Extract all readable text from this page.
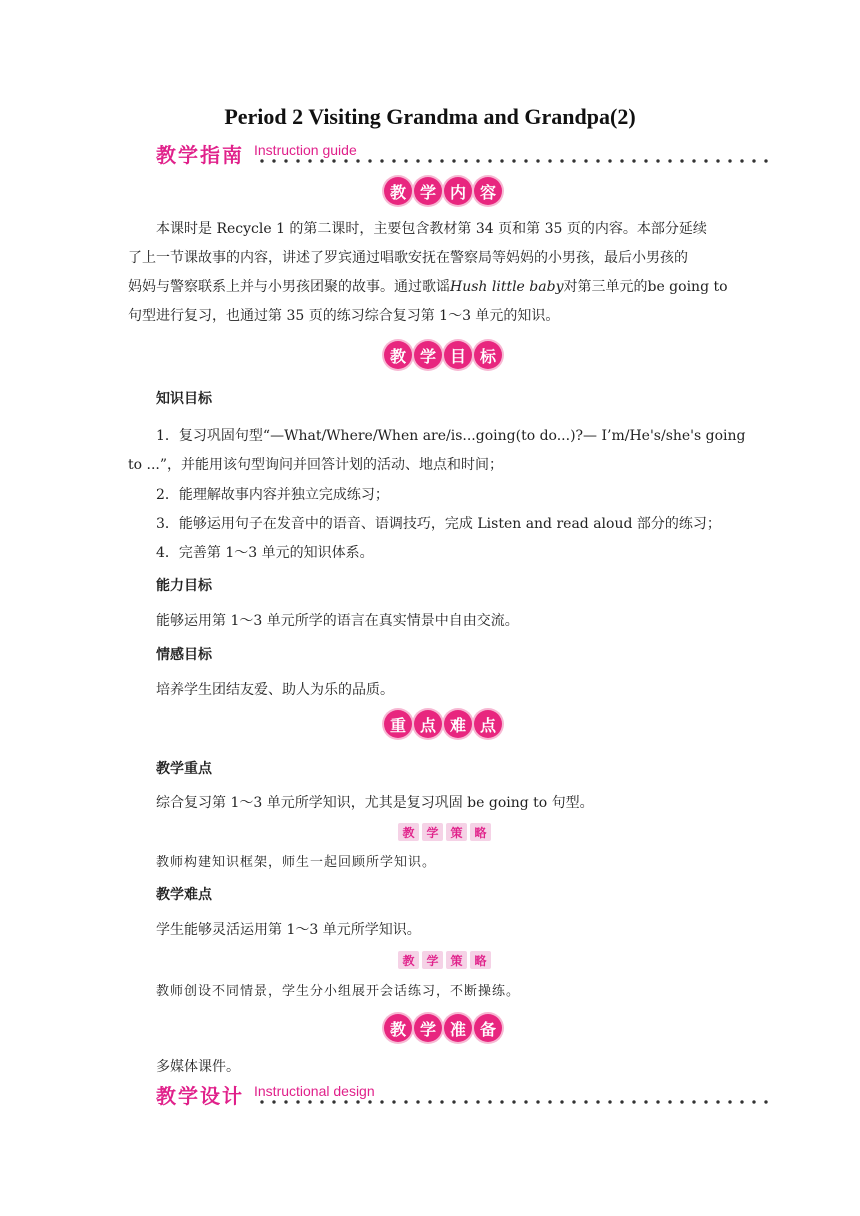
Period 2 Visiting Grandma and Grandpa(2)
教学指南 Instruction guide
教 学 内 容
本课时是 Recycle 1 的第二课时，主要包含教材第 34 页和第 35 页的内容。本部分延续
了上一节课故事的内容，讲述了罗宾通过唱歌安抚在警察局等妈妈的小男孩，最后小男孩的
妈妈与警察联系上并与小男孩团聚的故事。通过歌谣Hush little baby对第三单元的be going to
句型进行复习，也通过第 35 页的练习综合复习第 1～3 单元的知识。
教 学 目 标
知识目标
1．复习巩固句型“—What/Where/When are/is...going(to do...)?— I’m/He's/she's going
to ...”，并能用该句型询问并回答计划的活动、地点和时间；
2．能理解故事内容并独立完成练习；
3．能够运用句子在发音中的语音、语调技巧，完成 Listen and read aloud 部分的练习；
4．完善第 1～3 单元的知识体系。
能力目标
能够运用第 1～3 单元所学的语言在真实情景中自由交流。
情感目标
培养学生团结友爱、助人为乐的品质。
重 点 难 点
教学重点
综合复习第 1～3 单元所学知识，尤其是复习巩固 be going to 句型。
教 学 策 略
教师构建知识框架，师生一起回顾所学知识。
教学难点
学生能够灵活运用第 1～3 单元所学知识。
教 学 策 略
教师创设不同情景，学生分小组展开会话练习，不断操练。
教 学 准 备
多媒体课件。
教学设计 Instructional design
